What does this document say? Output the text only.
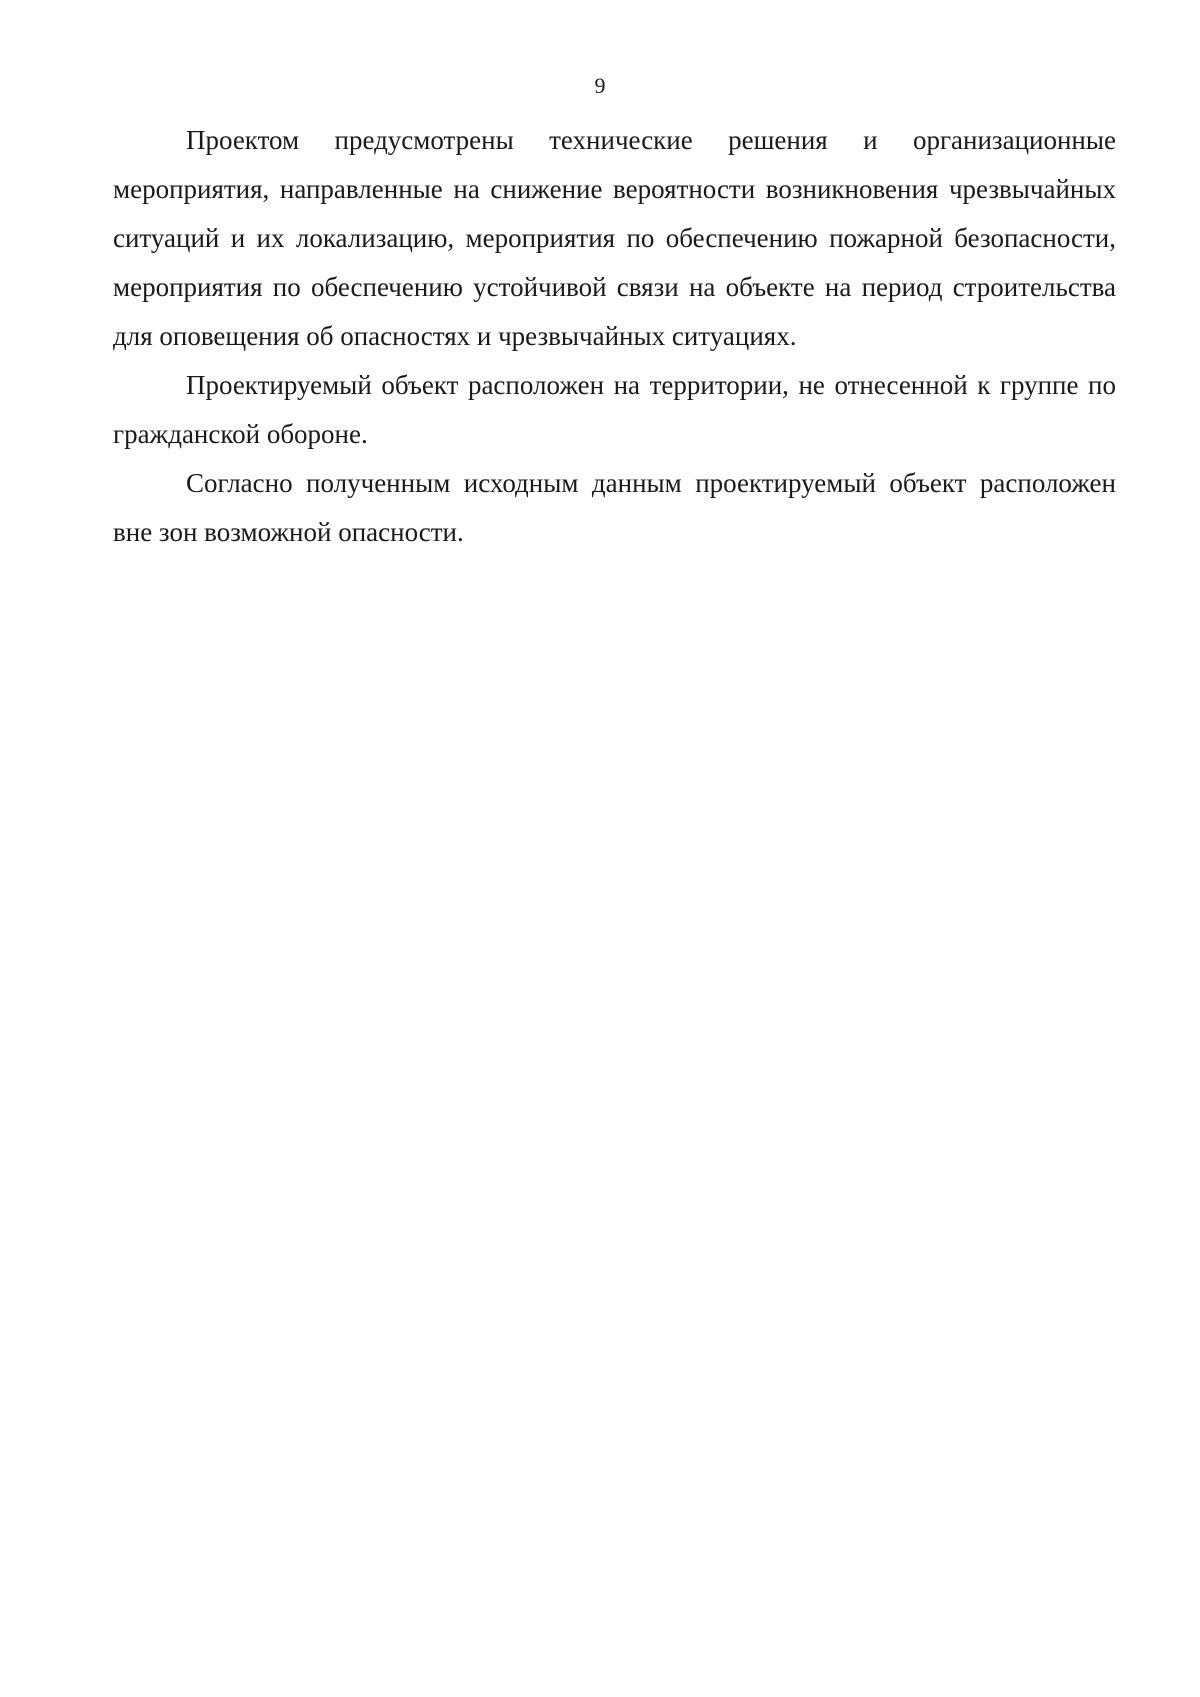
9

Проектом предусмотрены технические решения и организационные мероприятия, направленные на снижение вероятности возникновения чрезвычайных ситуаций и их локализацию, мероприятия по обеспечению пожарной безопасности, мероприятия по обеспечению устойчивой связи на объекте на период строительства для оповещения об опасностях и чрезвычайных ситуациях.

Проектируемый объект расположен на территории, не отнесенной к группе по гражданской обороне.

Согласно полученным исходным данным проектируемый объект расположен вне зон возможной опасности.
